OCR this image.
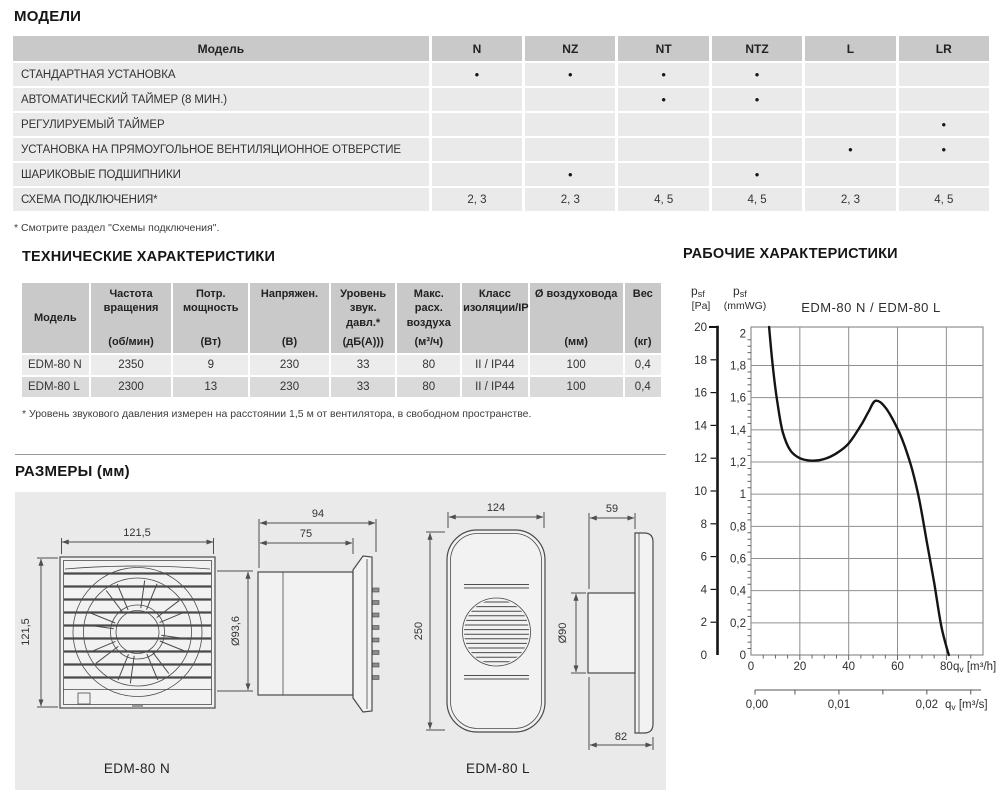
МОДЕЛИ
Модель	N	NZ	NT	NTZ	L	LR
СТАНДАРТНАЯ УСТАНОВКА	•	•	•	•		
АВТОМАТИЧЕСКИЙ ТАЙМЕР (8 МИН.)			•	•		
РЕГУЛИРУЕМЫЙ ТАЙМЕР						•
УСТАНОВКА НА ПРЯМОУГОЛЬНОЕ ВЕНТИЛЯЦИОННОЕ ОТВЕРСТИЕ					•	•
ШАРИКОВЫЕ ПОДШИПНИКИ		•		•		
СХЕМА ПОДКЛЮЧЕНИЯ*	2, 3	2, 3	4, 5	4, 5	2, 3	4, 5
* Смотрите раздел "Схемы подключения".
ТЕХНИЧЕСКИЕ ХАРАКТЕРИСТИКИ
Модель

Частота вращения
(об/мин)

Потр. мощность
(Вт)

Напряжен.
(В)

Уровень звук. давл.*
(дБ(А)))

Макс. расх. воздуха
(м³/ч)

Класс изоляции/IP

Ø воздуховода
(мм)

Вес
(кг)

EDM-80 N	2350	9	230	33	80	II / IP44	100	0,4
EDM-80 L	2300	13	230	33	80	II / IP44	100	0,4
* Уровень звукового давления измерен на расстоянии 1,5 м от вентилятора, в свободном пространстве.
РАЗМЕРЫ (мм)
121,5
121,5	Ø93,6
94
75
124
250
59
Ø90
82
EDM-80 N	EDM-80 L
РАБОЧИЕ ХАРАКТЕРИСТИКИ
0
2
4
6
8
10
12
14
16
18
20
0
0,2
0,4
0,6
0,8
1
1,2
1,4
1,6
1,8
2
0	20	40	60	80 qv [m³/h]
0,00	0,01	0,02 qv [m³/s]
psf
[Pa]
psf
(mmWG)	EDM-80 N / EDM-80 L
